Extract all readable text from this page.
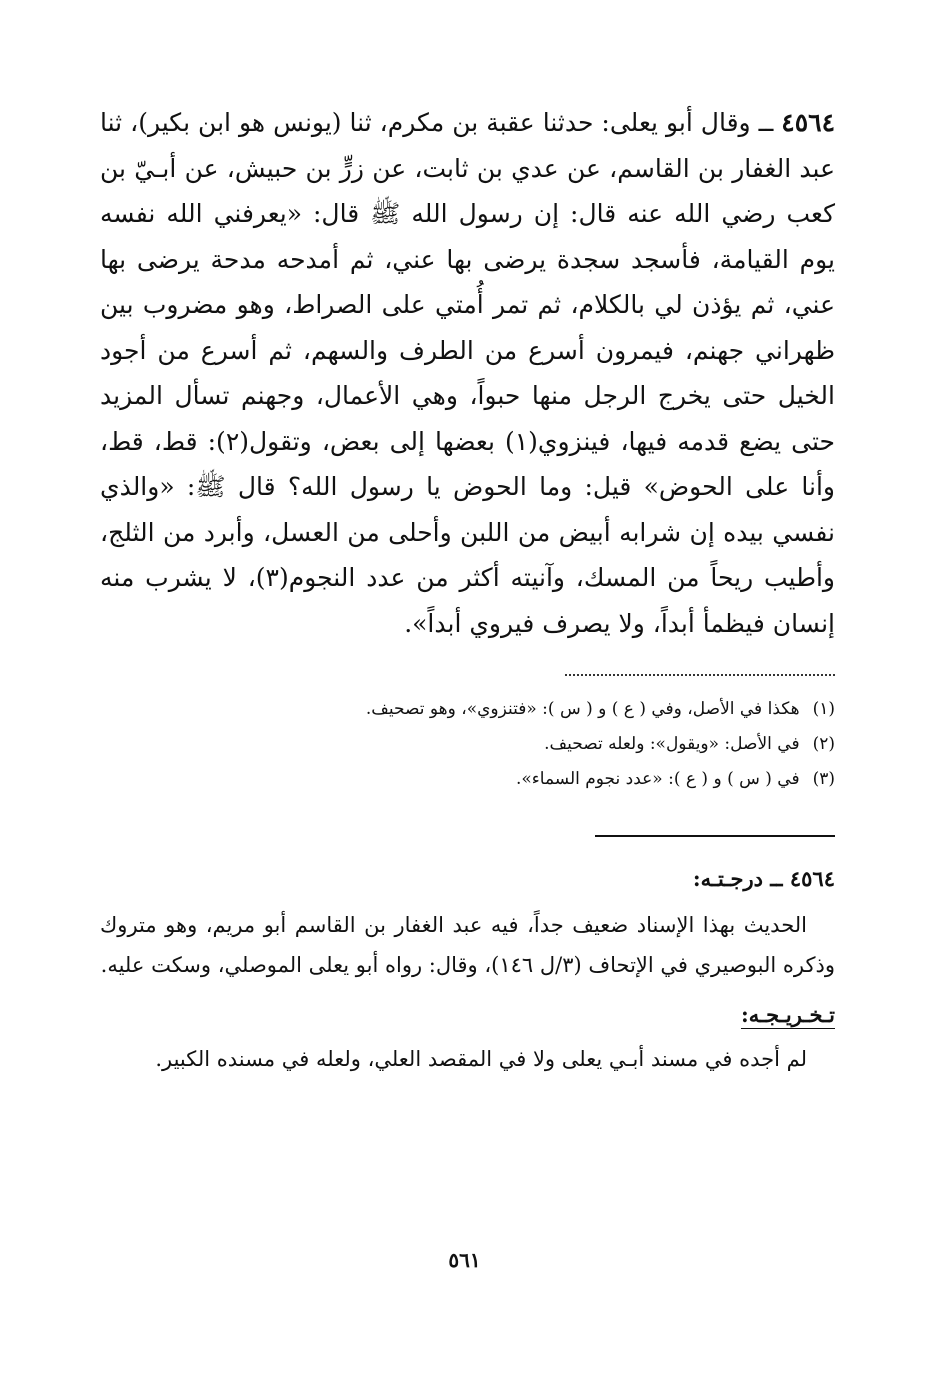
٤٥٦٤ ــ وقال أبو يعلى: حدثنا عقبة بن مكرم، ثنا (يونس هو ابن بكير)، ثنا عبد الغفار بن القاسم، عن عدي بن ثابت، عن زرٍّ بن حبيش، عن أبـيّ بن كعب رضي الله عنه قال: إن رسول الله ﷺ قال: «يعرفني الله نفسه يوم القيامة، فأسجد سجدة يرضى بها عني، ثم أمدحه مدحة يرضى بها عني، ثم يؤذن لي بالكلام، ثم تمر أُمتي على الصراط، وهو مضروب بين ظهراني جهنم، فيمرون أسرع من الطرف والسهم، ثم أسرع من أجود الخيل حتى يخرج الرجل منها حبواً، وهي الأعمال، وجهنم تسأل المزيد حتى يضع قدمه فيها، فينزوي(١) بعضها إلى بعض، وتقول(٢): قط، قط، وأنا على الحوض» قيل: وما الحوض يا رسول الله؟ قال ﷺ: «والذي نفسي بيده إن شرابه أبيض من اللبن وأحلى من العسل، وأبرد من الثلج، وأطيب ريحاً من المسك، وآنيته أكثر من عدد النجوم(٣)، لا يشرب منه إنسان فيظمأ أبداً، ولا يصرف فيروي أبداً».

(١) هكذا في الأصل، وفي ( ع ) و ( س ): «فتنزوي»، وهو تصحيف.
(٢) في الأصل: «ويقول»: ولعله تصحيف.
(٣) في ( س ) و ( ع ): «عدد نجوم السماء».
٤٥٦٤ ــ درجـتـه:

الحديث بهذا الإسناد ضعيف جداً، فيه عبد الغفار بن القاسم أبو مريم، وهو متروك وذكره البوصيري في الإتحاف (٣/ل ١٤٦)، وقال: رواه أبو يعلى الموصلي، وسكت عليه.

تـخـريـجـه:

لم أجده في مسند أبـي يعلى ولا في المقصد العلي، ولعله في مسنده الكبير.

٥٦١
